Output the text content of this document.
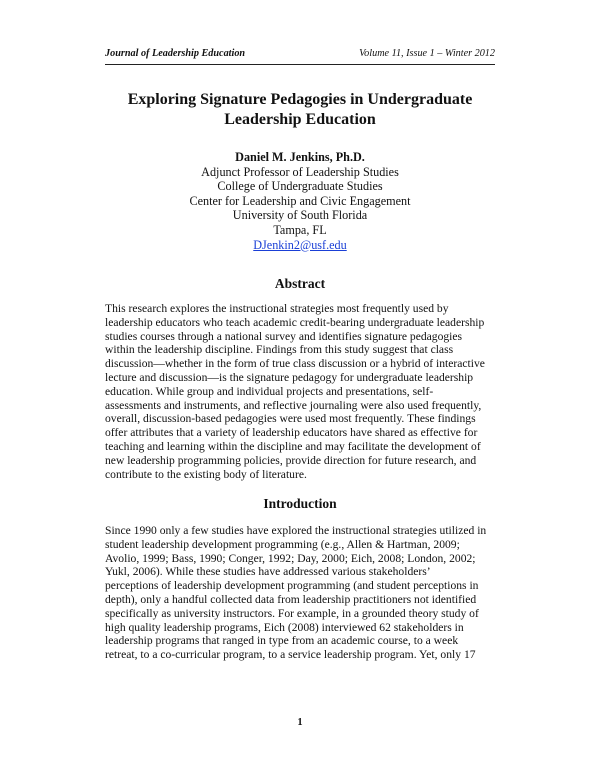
Journal of Leadership Education	Volume 11, Issue 1 – Winter 2012
Exploring Signature Pedagogies in Undergraduate
Leadership Education
Daniel M. Jenkins, Ph.D.
Adjunct Professor of Leadership Studies
College of Undergraduate Studies
Center for Leadership and Civic Engagement
University of South Florida
Tampa, FL
DJenkin2@usf.edu
Abstract
This research explores the instructional strategies most frequently used by
leadership educators who teach academic credit-bearing undergraduate leadership
studies courses through a national survey and identifies signature pedagogies
within the leadership discipline. Findings from this study suggest that class
discussion—whether in the form of true class discussion or a hybrid of interactive
lecture and discussion—is the signature pedagogy for undergraduate leadership
education. While group and individual projects and presentations, self-
assessments and instruments, and reflective journaling were also used frequently,
overall, discussion-based pedagogies were used most frequently. These findings
offer attributes that a variety of leadership educators have shared as effective for
teaching and learning within the discipline and may facilitate the development of
new leadership programming policies, provide direction for future research, and
contribute to the existing body of literature.
Introduction
Since 1990 only a few studies have explored the instructional strategies utilized in
student leadership development programming (e.g., Allen & Hartman, 2009;
Avolio, 1999; Bass, 1990; Conger, 1992; Day, 2000; Eich, 2008; London, 2002;
Yukl, 2006). While these studies have addressed various stakeholders’
perceptions of leadership development programming (and student perceptions in
depth), only a handful collected data from leadership practitioners not identified
specifically as university instructors. For example, in a grounded theory study of
high quality leadership programs, Eich (2008) interviewed 62 stakeholders in
leadership programs that ranged in type from an academic course, to a week
retreat, to a co-curricular program, to a service leadership program. Yet, only 17
1
